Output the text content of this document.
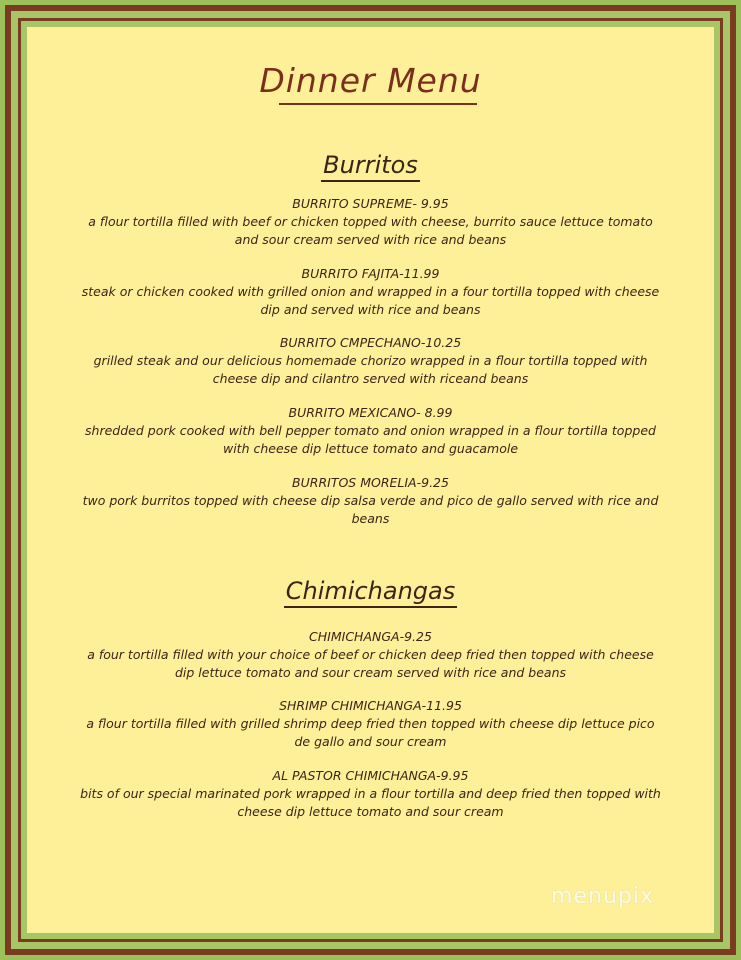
Dinner Menu
Burritos
BURRITO SUPREME- 9.95
a flour tortilla filled with beef or chicken topped with cheese, burrito sauce lettuce tomato and sour cream served with rice and beans
BURRITO FAJITA-11.99
steak or chicken cooked with grilled onion and wrapped in a four tortilla topped with cheese dip and served with rice and beans
BURRITO CMPECHANO-10.25
grilled steak and our delicious homemade chorizo wrapped in a flour tortilla topped with cheese dip and cilantro served with riceand beans
BURRITO MEXICANO- 8.99
shredded pork cooked with bell pepper tomato and onion wrapped in a flour tortilla topped with cheese dip lettuce tomato and guacamole
BURRITOS MORELIA-9.25
two pork burritos topped with cheese dip salsa verde and pico de gallo served with rice and beans
Chimichangas
CHIMICHANGA-9.25
a four tortilla filled with your choice of beef or chicken deep fried then topped with cheese dip lettuce tomato and sour cream served with rice and beans
SHRIMP CHIMICHANGA-11.95
a flour tortilla filled with grilled shrimp deep fried then topped with cheese dip lettuce pico de gallo and sour cream
AL PASTOR CHIMICHANGA-9.95
bits of our special marinated pork wrapped in a flour tortilla and deep fried then topped with cheese dip lettuce tomato and sour cream
menupix
